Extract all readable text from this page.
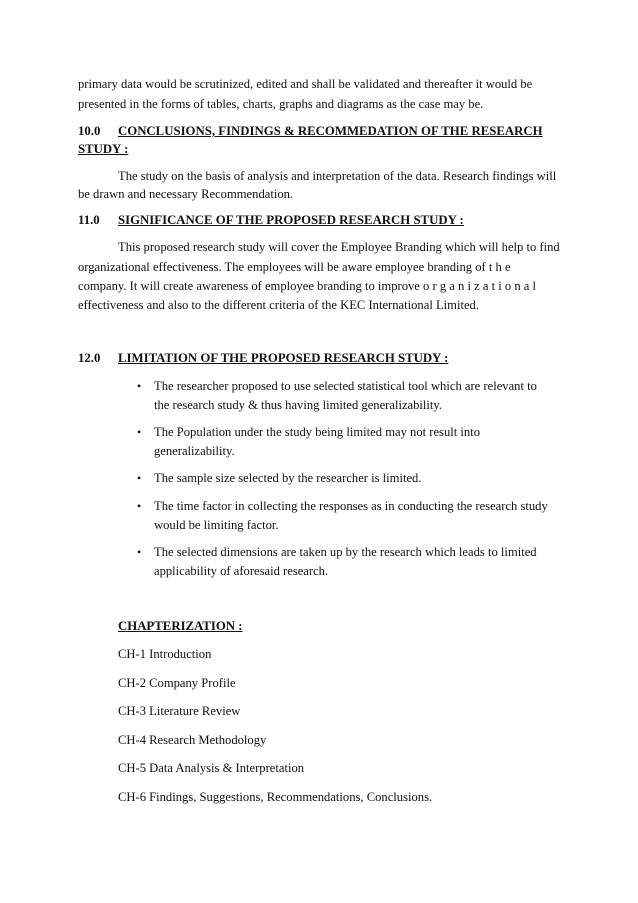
primary data would be scrutinized, edited and shall be validated and thereafter it would be
presented in the forms of tables, charts, graphs and diagrams as the case may be.
10.0 CONCLUSIONS, FINDINGS & RECOMMEDATION OF THE RESEARCH
STUDY :
The study on the basis of analysis and interpretation of the data. Research findings will
be drawn and necessary Recommendation.
11.0 SIGNIFICANCE OF THE PROPOSED RESEARCH STUDY :
This proposed research study will cover the Employee Branding which will help to find
organizational effectiveness. The employees will be aware employee branding of t h e
company. It will create awareness of employee branding to improve o r g a n i z a t i o n a l
effectiveness and also to the different criteria of the KEC International Limited.
12.0 LIMITATION OF THE PROPOSED RESEARCH STUDY :
• The researcher proposed to use selected statistical tool which are relevant to
the research study & thus having limited generalizability.
• The Population under the study being limited may not result into
generalizability.
• The sample size selected by the researcher is limited.
• The time factor in collecting the responses as in conducting the research study
would be limiting factor.
• The selected dimensions are taken up by the research which leads to limited
applicability of aforesaid research.
CHAPTERIZATION :
CH-1 Introduction
CH-2 Company Profile
CH-3 Literature Review
CH-4 Research Methodology
CH-5 Data Analysis & Interpretation
CH-6 Findings, Suggestions, Recommendations, Conclusions.
